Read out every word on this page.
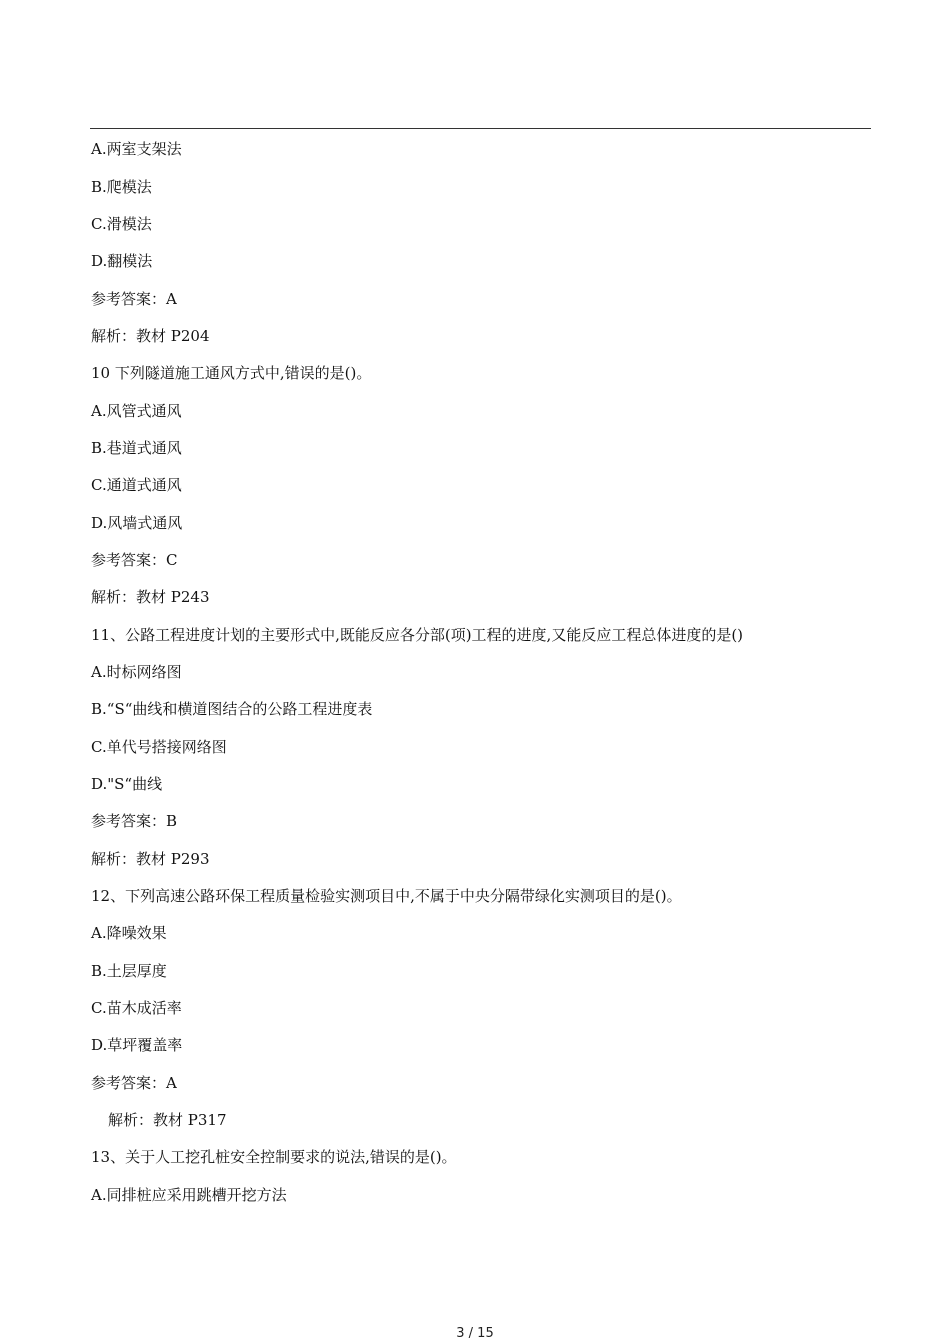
A.两室支架法
B.爬模法
C.滑模法
D.翻模法
参考答案：A
解析：教材 P204
10 下列隧道施工通风方式中,错误的是()。
A.风管式通风
B.巷道式通风
C.通道式通风
D.风墙式通风
参考答案：C
解析：教材 P243
11、公路工程进度计划的主要形式中,既能反应各分部(项)工程的进度,又能反应工程总体进度的是()
A.时标网络图
B.“S“曲线和横道图结合的公路工程进度表
C.单代号搭接网络图
D."S“曲线
参考答案：B
解析：教材 P293
12、下列高速公路环保工程质量检验实测项目中,不属于中央分隔带绿化实测项目的是()。
A.降噪效果
B.土层厚度
C.苗木成活率
D.草坪覆盖率
参考答案：A
解析：教材 P317
13、关于人工挖孔桩安全控制要求的说法,错误的是()。
A.同排桩应采用跳槽开挖方法
3 / 15
